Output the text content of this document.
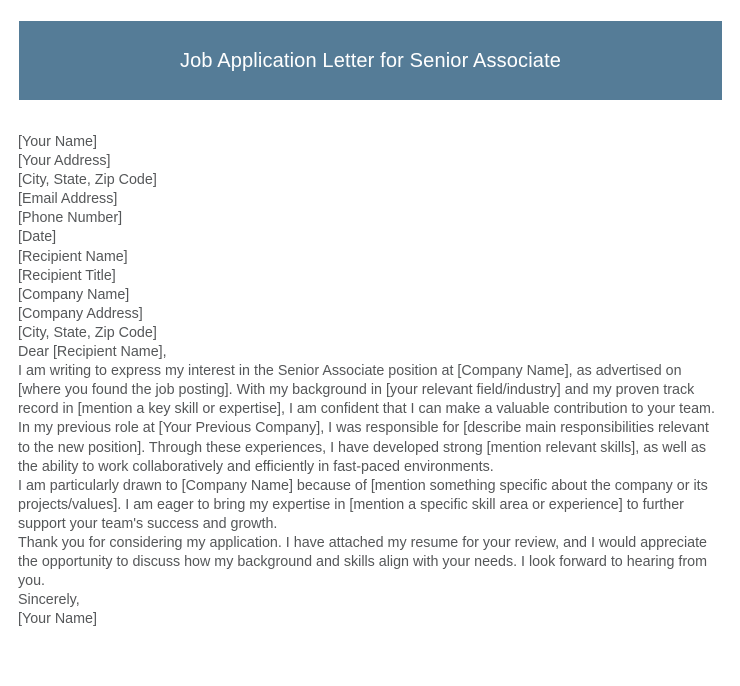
Job Application Letter for Senior Associate
[Your Name]
[Your Address]
[City, State, Zip Code]
[Email Address]
[Phone Number]
[Date]
[Recipient Name]
[Recipient Title]
[Company Name]
[Company Address]
[City, State, Zip Code]
Dear [Recipient Name],

I am writing to express my interest in the Senior Associate position at [Company Name], as advertised on [where you found the job posting]. With my background in [your relevant field/industry] and my proven track record in [mention a key skill or expertise], I am confident that I can make a valuable contribution to your team.

In my previous role at [Your Previous Company], I was responsible for [describe main responsibilities relevant to the new position]. Through these experiences, I have developed strong [mention relevant skills], as well as the ability to work collaboratively and efficiently in fast-paced environments.

I am particularly drawn to [Company Name] because of [mention something specific about the company or its projects/values]. I am eager to bring my expertise in [mention a specific skill area or experience] to further support your team's success and growth.

Thank you for considering my application. I have attached my resume for your review, and I would appreciate the opportunity to discuss how my background and skills align with your needs. I look forward to hearing from you.

Sincerely,
[Your Name]
